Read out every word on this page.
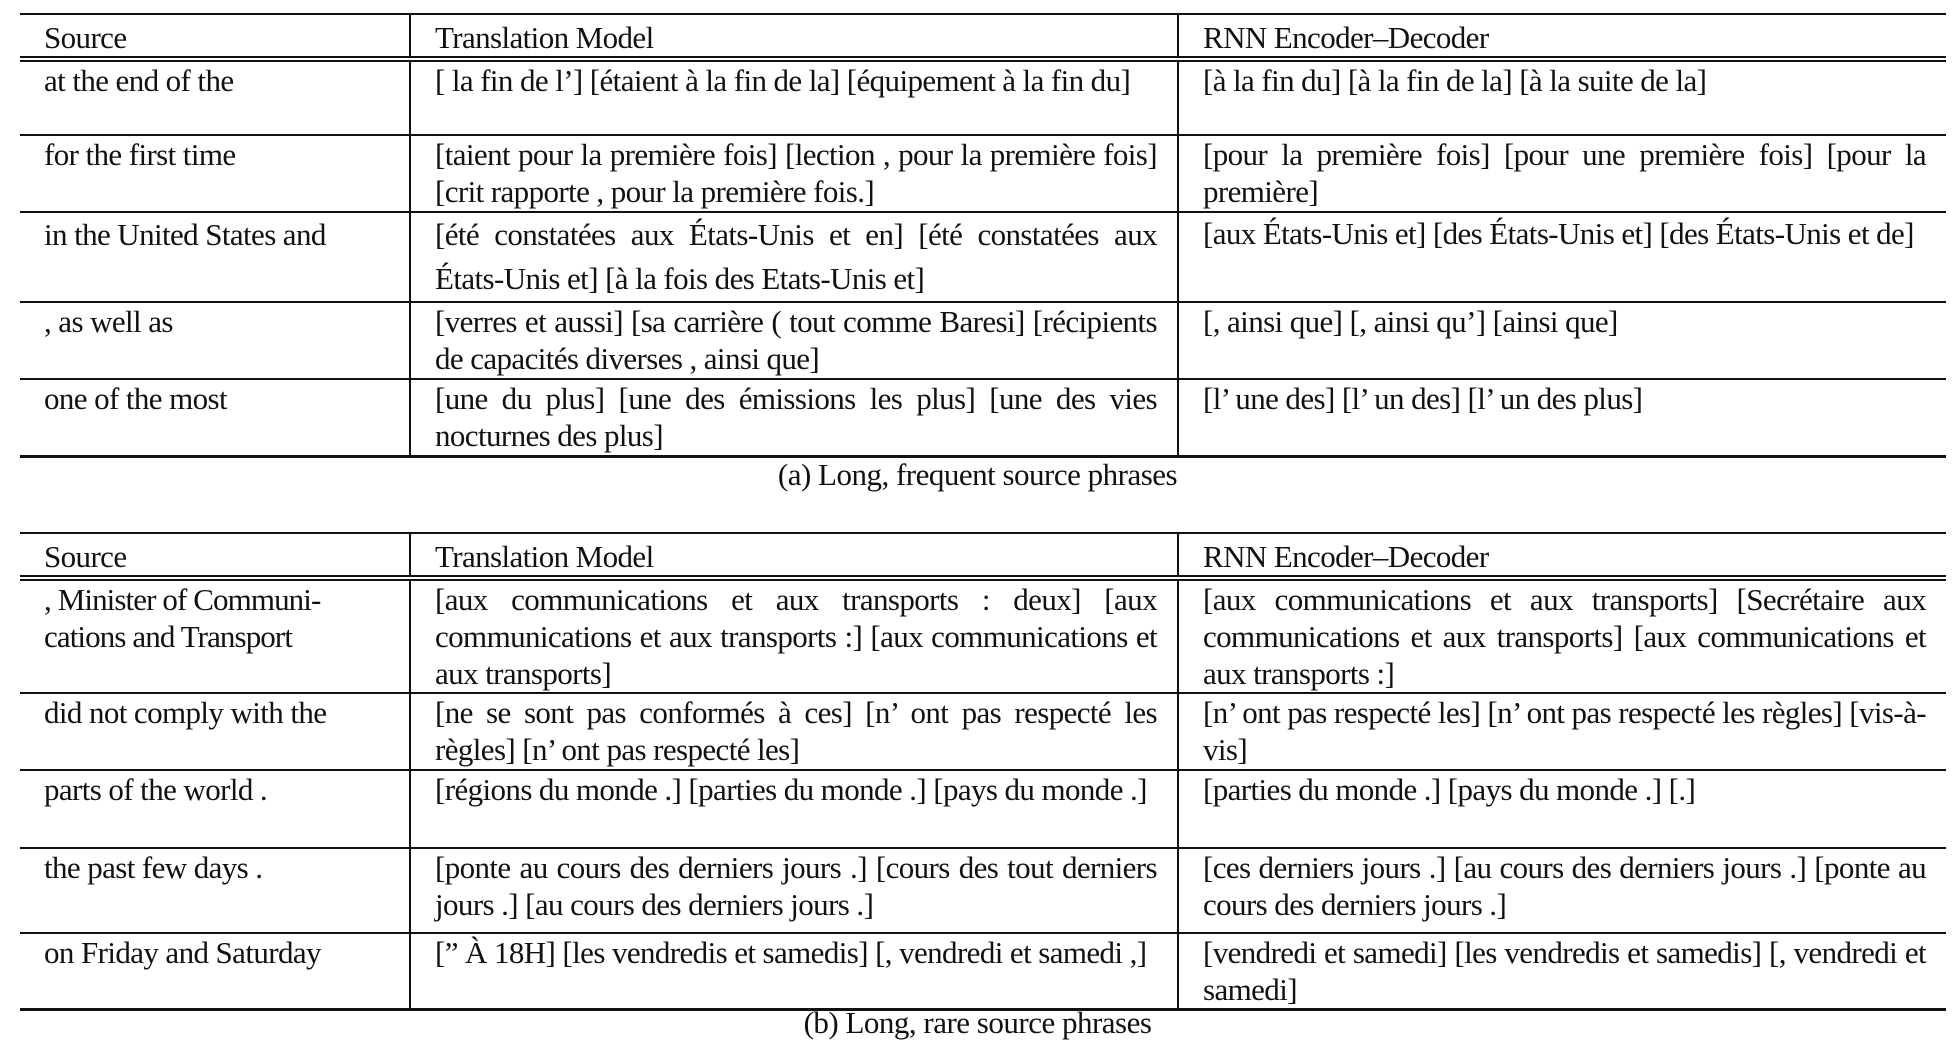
Source	Translation Model	RNN Encoder–Decoder
at the end of the	[ la fin de l’] [étaient à la fin de la] [équipement à la fin du]	[à la fin du] [à la fin de la] [à la suite de la]
for the first time	[taient pour la première fois] [lection , pour la première fois] [crit rapporte , pour la première fois.]	[pour la première fois] [pour une première fois] [pour la première]
in the United States and	[été constatées aux États-Unis et en] [été constatées aux États-Unis et] [à la fois des Etats-Unis et]	[aux États-Unis et] [des États-Unis et] [des États-Unis et de]
, as well as	[verres et aussi] [sa carrière ( tout comme Baresi] [récipients de capacités diverses , ainsi que]	[, ainsi que] [, ainsi qu’] [ainsi que]
one of the most	[une du plus] [une des émissions les plus] [une des vies nocturnes des plus]	[l’ une des] [l’ un des] [l’ un des plus]
(a) Long, frequent source phrases
Source	Translation Model	RNN Encoder–Decoder
, Minister of Communi- cations and Transport	[aux communications et aux transports : deux] [aux communications et aux transports :] [aux communications et aux transports]	[aux communications et aux transports] [Secrétaire aux communications et aux transports] [aux communications et aux transports :]
did not comply with the	[ne se sont pas conformés à ces] [n’ ont pas respecté les règles] [n’ ont pas respecté les]	[n’ ont pas respecté les] [n’ ont pas respecté les règles] [vis-à-vis]
parts of the world .	[régions du monde .] [parties du monde .] [pays du monde .]	[parties du monde .] [pays du monde .] [.]
the past few days .	[ponte au cours des derniers jours .] [cours des tout derniers jours .] [au cours des derniers jours .]	[ces derniers jours .] [au cours des derniers jours .] [ponte au cours des derniers jours .]
on Friday and Saturday	[” À 18H] [les vendredis et samedis] [, vendredi et samedi ,]	[vendredi et samedi] [les vendredis et samedis] [, vendredi et samedi]
(b) Long, rare source phrases
